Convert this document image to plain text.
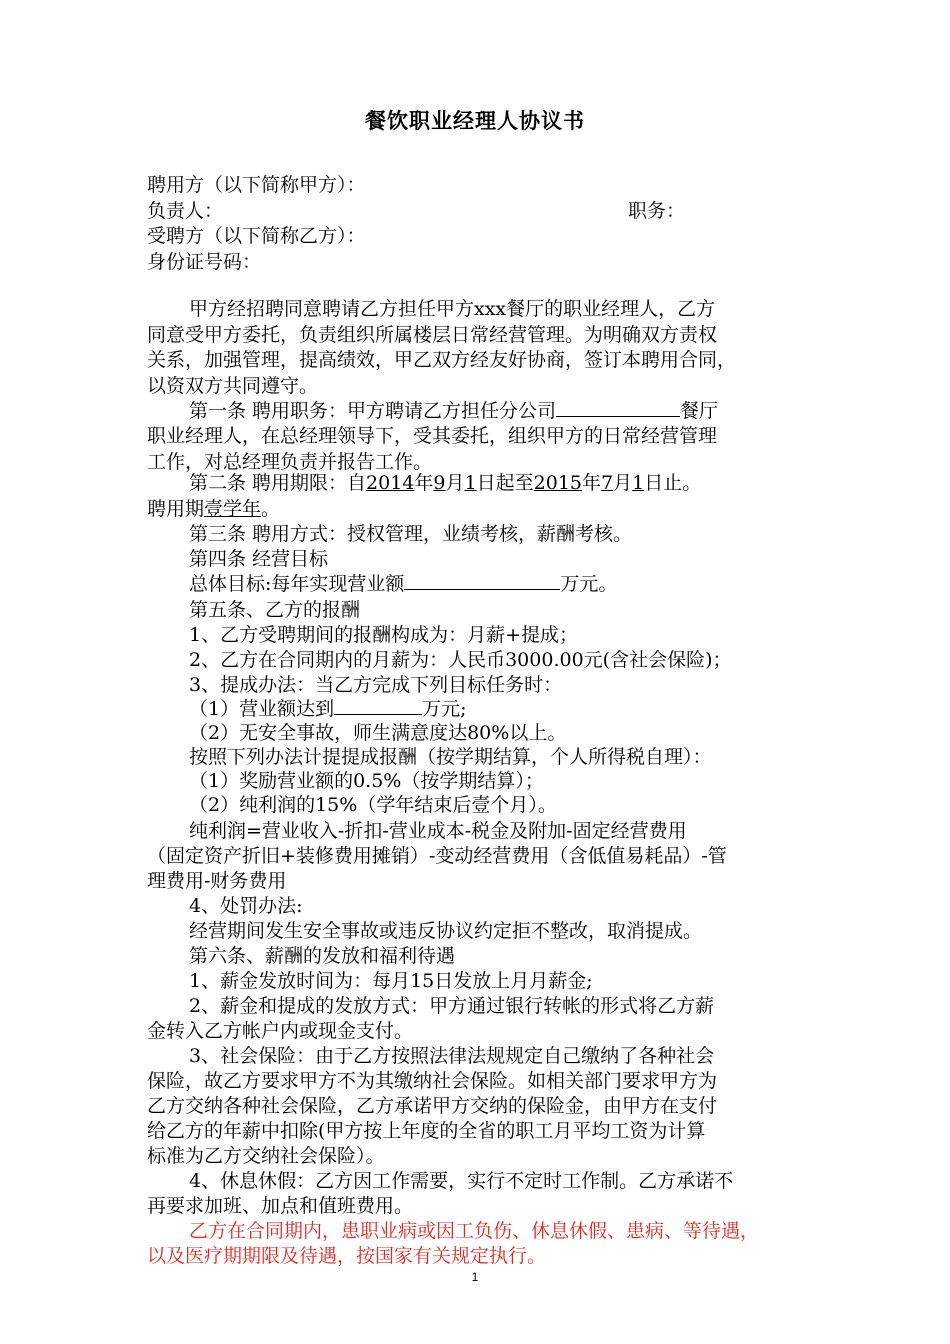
餐饮职业经理人协议书
聘用方（以下简称甲方）：
负责人：	职务：
受聘方（以下简称乙方）：
身份证号码：
甲方经招聘同意聘请乙方担任甲方xxx餐厅的职业经理人，乙方
同意受甲方委托，负责组织所属楼层日常经营管理。为明确双方责权
关系，加强管理，提高绩效，甲乙双方经友好协商，签订本聘用合同，
以资双方共同遵守。
第一条 聘用职务：甲方聘请乙方担任分公司	餐厅
职业经理人，在总经理领导下，受其委托，组织甲方的日常经营管理
工作，对总经理负责并报告工作。
第二条 聘用期限：自2014年9月1日起至2015年7月1日止。
聘用期壹学年。
第三条 聘用方式：授权管理，业绩考核，薪酬考核。
第四条 经营目标
总体目标:每年实现营业额	万元。
第五条、乙方的报酬
1、乙方受聘期间的报酬构成为：月薪+提成；
2、乙方在合同期内的月薪为：人民币3000.00元(含社会保险)；
3、提成办法：当乙方完成下列目标任务时：
（1）营业额达到	万元;
（2）无安全事故，师生满意度达80%以上。
按照下列办法计提提成报酬（按学期结算，个人所得税自理）：
（1）奖励营业额的0.5%（按学期结算）；
（2）纯利润的15%（学年结束后壹个月）。
纯利润=营业收入-折扣-营业成本-税金及附加-固定经营费用
（固定资产折旧+装修费用摊销）-变动经营费用（含低值易耗品）-管
理费用-财务费用
4、处罚办法:
经营期间发生安全事故或违反协议约定拒不整改，取消提成。
第六条、薪酬的发放和福利待遇
1、薪金发放时间为：每月15日发放上月月薪金;
2、薪金和提成的发放方式：甲方通过银行转帐的形式将乙方薪
金转入乙方帐户内或现金支付。
3、社会保险：由于乙方按照法律法规规定自己缴纳了各种社会
保险，故乙方要求甲方不为其缴纳社会保险。如相关部门要求甲方为
乙方交纳各种社会保险，乙方承诺甲方交纳的保险金，由甲方在支付
给乙方的年薪中扣除(甲方按上年度的全省的职工月平均工资为计算
标准为乙方交纳社会保险）。
4、休息休假：乙方因工作需要，实行不定时工作制。乙方承诺不
再要求加班、加点和值班费用。
乙方在合同期内，患职业病或因工负伤、休息休假、患病、等待遇，
以及医疗期期限及待遇，按国家有关规定执行。
1
